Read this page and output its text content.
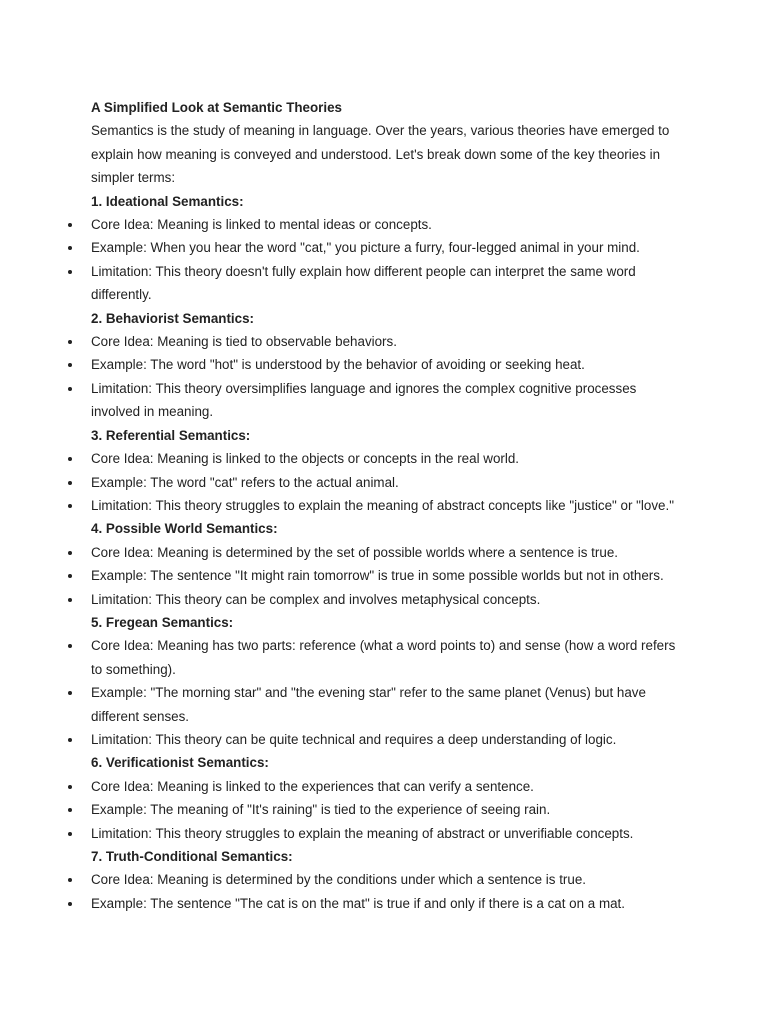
A Simplified Look at Semantic Theories
Semantics is the study of meaning in language. Over the years, various theories have emerged to
explain how meaning is conveyed and understood. Let's break down some of the key theories in
simpler terms:
1. Ideational Semantics:
Core Idea: Meaning is linked to mental ideas or concepts.
Example: When you hear the word "cat," you picture a furry, four-legged animal in your mind.
Limitation: This theory doesn't fully explain how different people can interpret the same word
differently.
2. Behaviorist Semantics:
Core Idea: Meaning is tied to observable behaviors.
Example: The word "hot" is understood by the behavior of avoiding or seeking heat.
Limitation: This theory oversimplifies language and ignores the complex cognitive processes
involved in meaning.
3. Referential Semantics:
Core Idea: Meaning is linked to the objects or concepts in the real world.
Example: The word "cat" refers to the actual animal.
Limitation: This theory struggles to explain the meaning of abstract concepts like "justice" or "love."
4. Possible World Semantics:
Core Idea: Meaning is determined by the set of possible worlds where a sentence is true.
Example: The sentence "It might rain tomorrow" is true in some possible worlds but not in others.
Limitation: This theory can be complex and involves metaphysical concepts.
5. Fregean Semantics:
Core Idea: Meaning has two parts: reference (what a word points to) and sense (how a word refers
to something).
Example: "The morning star" and "the evening star" refer to the same planet (Venus) but have
different senses.
Limitation: This theory can be quite technical and requires a deep understanding of logic.
6. Verificationist Semantics:
Core Idea: Meaning is linked to the experiences that can verify a sentence.
Example: The meaning of "It's raining" is tied to the experience of seeing rain.
Limitation: This theory struggles to explain the meaning of abstract or unverifiable concepts.
7. Truth-Conditional Semantics:
Core Idea: Meaning is determined by the conditions under which a sentence is true.
Example: The sentence "The cat is on the mat" is true if and only if there is a cat on a mat.
